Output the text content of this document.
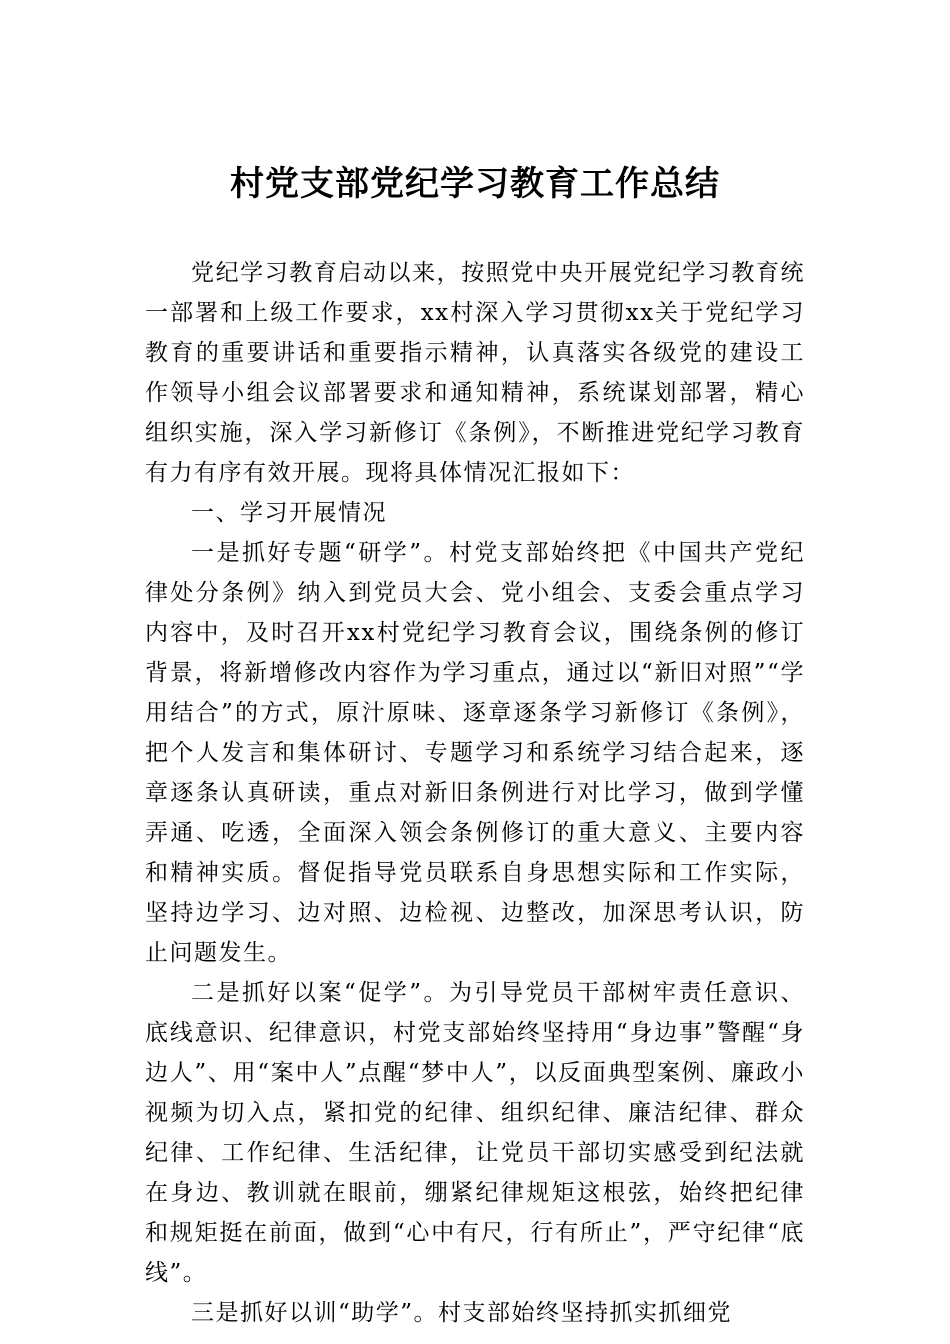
村党支部党纪学习教育工作总结

党纪学习教育启动以来，按照党中央开展党纪学习教育统一部署和上级工作要求，xx村深入学习贯彻xx关于党纪学习教育的重要讲话和重要指示精神，认真落实各级党的建设工作领导小组会议部署要求和通知精神，系统谋划部署，精心组织实施，深入学习新修订《条例》，不断推进党纪学习教育有力有序有效开展。现将具体情况汇报如下：

一、学习开展情况

一是抓好专题“研学”。村党支部始终把《中国共产党纪律处分条例》纳入到党员大会、党小组会、支委会重点学习内容中，及时召开xx村党纪学习教育会议，围绕条例的修订背景，将新增修改内容作为学习重点，通过以“新旧对照”“学用结合”的方式，原汁原味、逐章逐条学习新修订《条例》，把个人发言和集体研讨、专题学习和系统学习结合起来，逐章逐条认真研读，重点对新旧条例进行对比学习，做到学懂弄通、吃透，全面深入领会条例修订的重大意义、主要内容和精神实质。督促指导党员联系自身思想实际和工作实际，坚持边学习、边对照、边检视、边整改，加深思考认识，防止问题发生。

二是抓好以案“促学”。为引导党员干部树牢责任意识、底线意识、纪律意识，村党支部始终坚持用“身边事”警醒“身边人”、用“案中人”点醒“梦中人”，以反面典型案例、廉政小视频为切入点，紧扣党的纪律、组织纪律、廉洁纪律、群众纪律、工作纪律、生活纪律，让党员干部切实感受到纪法就在身边、教训就在眼前，绷紧纪律规矩这根弦，始终把纪律和规矩挺在前面，做到“心中有尺，行有所止”，严守纪律“底线”。

三是抓好以训“助学”。村支部始终坚持抓实抓细党
